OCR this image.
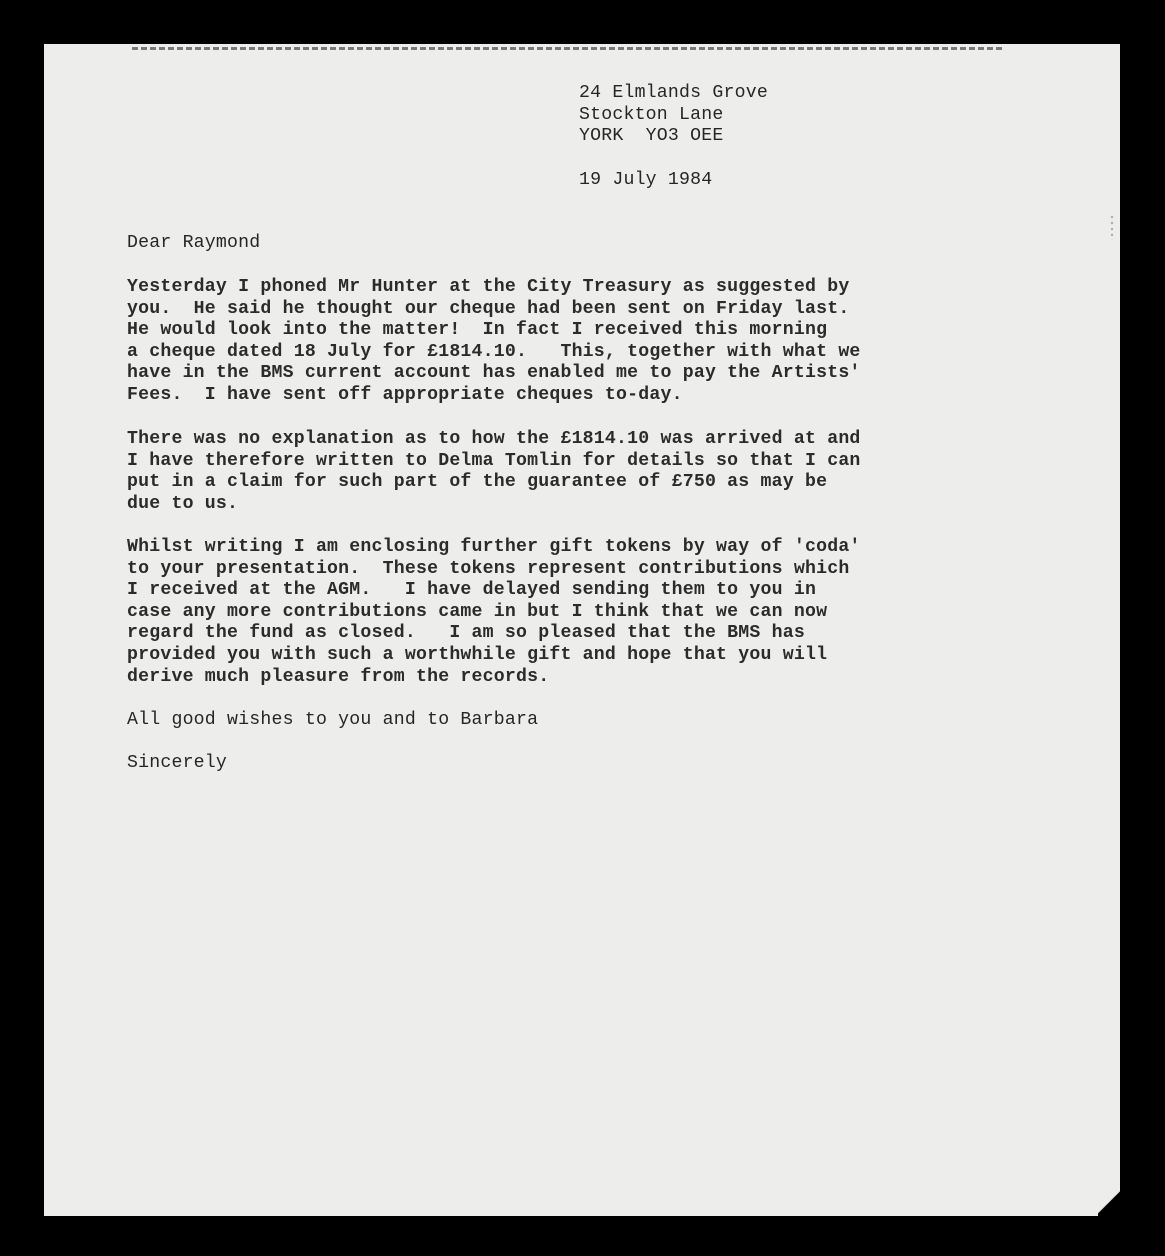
24 Elmlands Grove
Stockton Lane
YORK  YO3 OEE
19 July 1984
Dear Raymond
Yesterday I phoned Mr Hunter at the City Treasury as suggested by
you.  He said he thought our cheque had been sent on Friday last.
He would look into the matter!  In fact I received this morning
a cheque dated 18 July for £1814.10.   This, together with what we
have in the BMS current account has enabled me to pay the Artists'
Fees.  I have sent off appropriate cheques to-day.
There was no explanation as to how the £1814.10 was arrived at and
I have therefore written to Delma Tomlin for details so that I can
put in a claim for such part of the guarantee of £750 as may be
due to us.
Whilst writing I am enclosing further gift tokens by way of 'coda'
to your presentation.  These tokens represent contributions which
I received at the AGM.   I have delayed sending them to you in
case any more contributions came in but I think that we can now
regard the fund as closed.   I am so pleased that the BMS has
provided you with such a worthwhile gift and hope that you will
derive much pleasure from the records.
All good wishes to you and to Barbara
Sincerely
